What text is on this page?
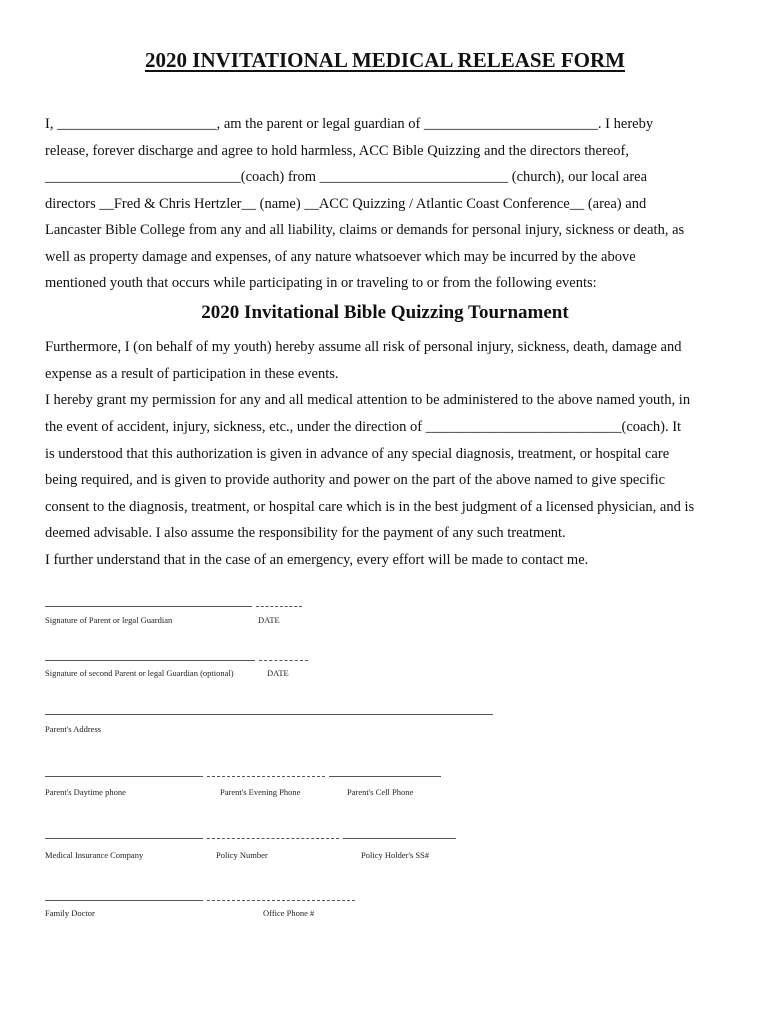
2020 INVITATIONAL MEDICAL RELEASE FORM
I, ______________________, am the parent or legal guardian of ________________________. I hereby
release, forever discharge and agree to hold harmless, ACC Bible Quizzing and the directors thereof,
___________________________(coach) from __________________________ (church), our local area
directors __Fred & Chris Hertzler__ (name) __ACC Quizzing / Atlantic Coast Conference__ (area) and
Lancaster Bible College from any and all liability, claims or demands for personal injury, sickness or death, as
well as property damage and expenses, of any nature whatsoever which may be incurred by the above
mentioned youth that occurs while participating in or traveling to or from the following events:
2020 Invitational Bible Quizzing Tournament
Furthermore, I (on behalf of my youth) hereby assume all risk of personal injury, sickness, death, damage and
expense as a result of participation in these events.
I hereby grant my permission for any and all medical attention to be administered to the above named youth, in
the event of accident, injury, sickness, etc., under the direction of ___________________________(coach). It
is understood that this authorization is given in advance of any special diagnosis, treatment, or hospital care
being required, and is given to provide authority and power on the part of the above named to give specific
consent to the diagnosis, treatment, or hospital care which is in the best judgment of a licensed physician, and is
deemed advisable. I also assume the responsibility for the payment of any such treatment.
I further understand that in the case of an emergency, every effort will be made to contact me.
Signature of Parent or legal Guardian	DATE
Signature of second Parent or legal Guardian (optional)	DATE
Parent's Address
Parent's Daytime phone	Parent's Evening Phone	Parent's Cell Phone
Medical Insurance Company	Policy Number	Policy Holder's SS#
Family Doctor	Office Phone #
